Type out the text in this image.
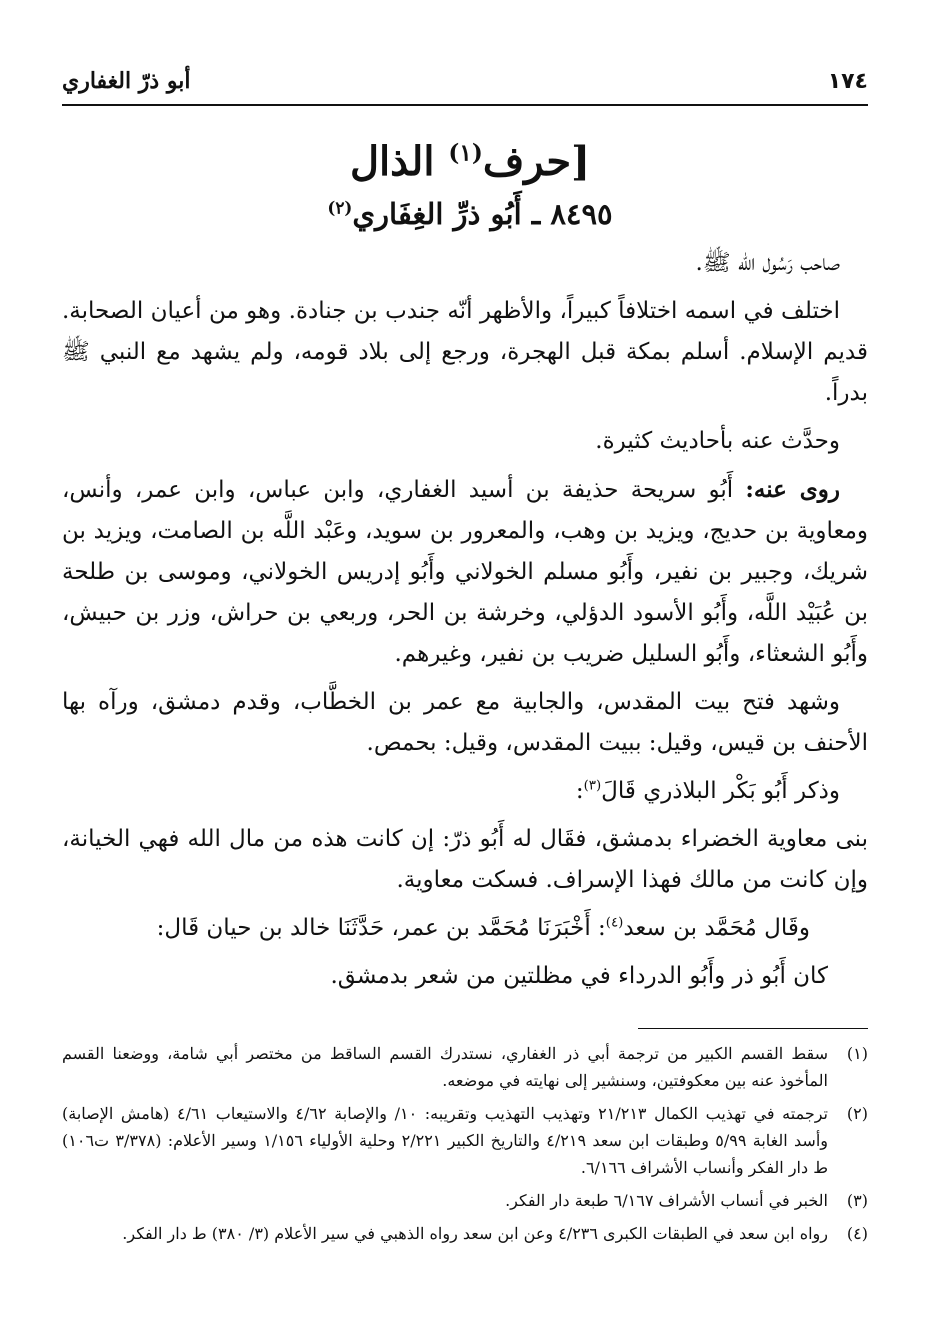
١٧٤
أبو ذرّ الغفاري
[حرف$^{(١)}$ الذال
٨٤٩٥ ـ أَبُو ذرِّ الغِفَاري$^{(٢)}$

صاحب رَسُول الله ﷺ.

اختلف في اسمه اختلافاً كبيراً، والأظهر أنّه جندب بن جنادة. وهو من أعيان الصحابة. قديم الإسلام. أسلم بمكة قبل الهجرة، ورجع إلى بلاد قومه، ولم يشهد مع النبي ﷺ بدراً.

وحدَّث عنه بأحاديث كثيرة.

روى عنه: أَبُو سريحة حذيفة بن أسيد الغفاري، وابن عباس، وابن عمر، وأنس، ومعاوية بن حديج، ويزيد بن وهب، والمعرور بن سويد، وعَبْد اللَّه بن الصامت، ويزيد بن شريك، وجبير بن نفير، وأَبُو مسلم الخولاني وأَبُو إدريس الخولاني، وموسى بن طلحة بن عُبَيْد اللَّه، وأَبُو الأسود الدؤلي، وخرشة بن الحر، وربعي بن حراش، وزر بن حبيش، وأَبُو الشعثاء، وأَبُو السليل ضريب بن نفير، وغيرهم.

وشهد فتح بيت المقدس، والجابية مع عمر بن الخطَّاب، وقدم دمشق، ورآه بها الأحنف بن قيس، وقيل: ببيت المقدس، وقيل: بحمص.

وذكر أَبُو بَكْر البلاذري قَالَ$^{(٣)}$:

بنى معاوية الخضراء بدمشق، فقَال له أَبُو ذرّ: إن كانت هذه من مال الله فهي الخيانة، وإن كانت من مالك فهذا الإسراف. فسكت معاوية.

وقَال مُحَمَّد بن سعد$^{(٤)}$: أَخْبَرَنَا مُحَمَّد بن عمر، حَدَّثَنَا خالد بن حيان قَال:

كان أَبُو ذر وأَبُو الدرداء في مظلتين من شعر بدمشق.

(١)
سقط القسم الكبير من ترجمة أبي ذر الغفاري، نستدرك القسم الساقط من مختصر أبي شامة، ووضعنا القسم المأخوذ عنه بين معكوفتين، وسنشير إلى نهايته في موضعه.
(٢)
ترجمته في تهذيب الكمال ٢١/٢١٣ وتهذيب التهذيب وتقريبه: ١٠/ والإصابة ٤/٦٢ والاستيعاب ٤/٦١ (هامش الإصابة) وأسد الغابة ٥/٩٩ وطبقات ابن سعد ٤/٢١٩ والتاريخ الكبير ٢/٢٢١ وحلية الأولياء ١/١٥٦ وسير الأعلام: (٣/٣٧٨ ت١٠٦) ط دار الفكر وأنساب الأشراف ٦/١٦٦.
(٣)
الخبر في أنساب الأشراف ٦/١٦٧ طبعة دار الفكر.
(٤)
رواه ابن سعد في الطبقات الكبرى ٤/٢٣٦ وعن ابن سعد رواه الذهبي في سير الأعلام (٣/ ٣٨٠) ط دار الفكر.
